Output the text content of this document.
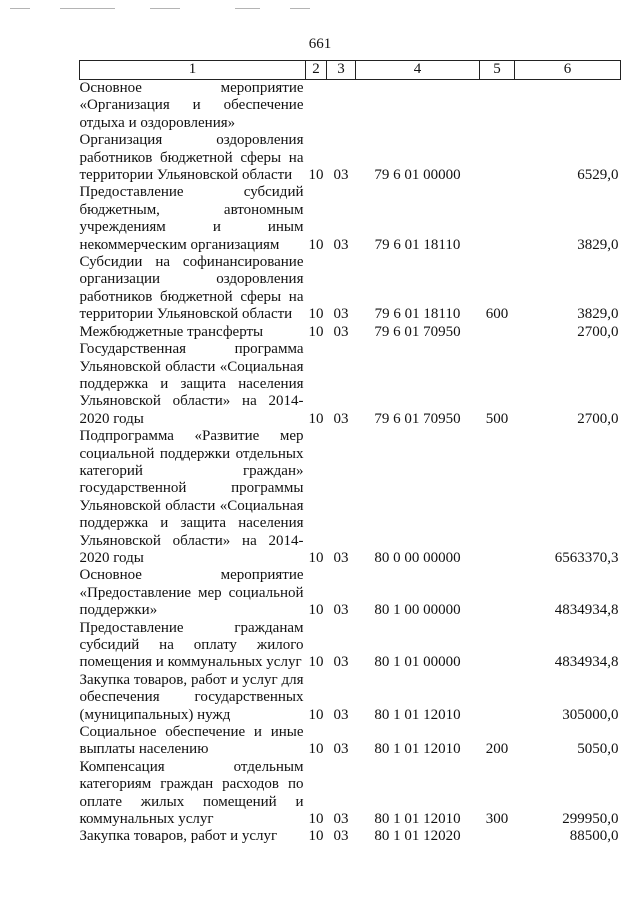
661
1	2	3	4	5	6
Основное мероприятие «Организация и обеспечение отдыха и оздоровления»					
Организация оздоровления работников бюджетной сферы на территории Ульяновской области	10	03	79 6 01 00000		6529,0
Предоставление субсидий бюджетным, автономным учреждениям и иным некоммерческим организациям	10	03	79 6 01 18110		3829,0
Субсидии на софинансирование организации оздоровления работников бюджетной сферы на территории Ульяновской области	10	03	79 6 01 18110	600	3829,0
Межбюджетные трансферты	10	03	79 6 01 70950		2700,0
Государственная программа Ульяновской области «Социальная поддержка и защита населения Ульяновской области» на 2014-2020 годы	10	03	79 6 01 70950	500	2700,0
Подпрограмма «Развитие мер социальной поддержки отдельных категорий граждан» государственной программы Ульяновской области «Социальная поддержка и защита населения Ульяновской области» на 2014-2020 годы	10	03	80 0 00 00000		6563370,3
Основное мероприятие «Предоставление мер социальной поддержки»	10	03	80 1 00 00000		4834934,8
Предоставление гражданам субсидий на оплату жилого помещения и коммунальных услуг	10	03	80 1 01 00000		4834934,8
Закупка товаров, работ и услуг для обеспечения государственных (муниципальных) нужд	10	03	80 1 01 12010		305000,0
Социальное обеспечение и иные выплаты населению	10	03	80 1 01 12010	200	5050,0
Компенсация отдельным категориям граждан расходов по оплате жилых помещений и коммунальных услуг	10	03	80 1 01 12010	300	299950,0
Закупка товаров, работ и услуг	10	03	80 1 01 12020		88500,0
